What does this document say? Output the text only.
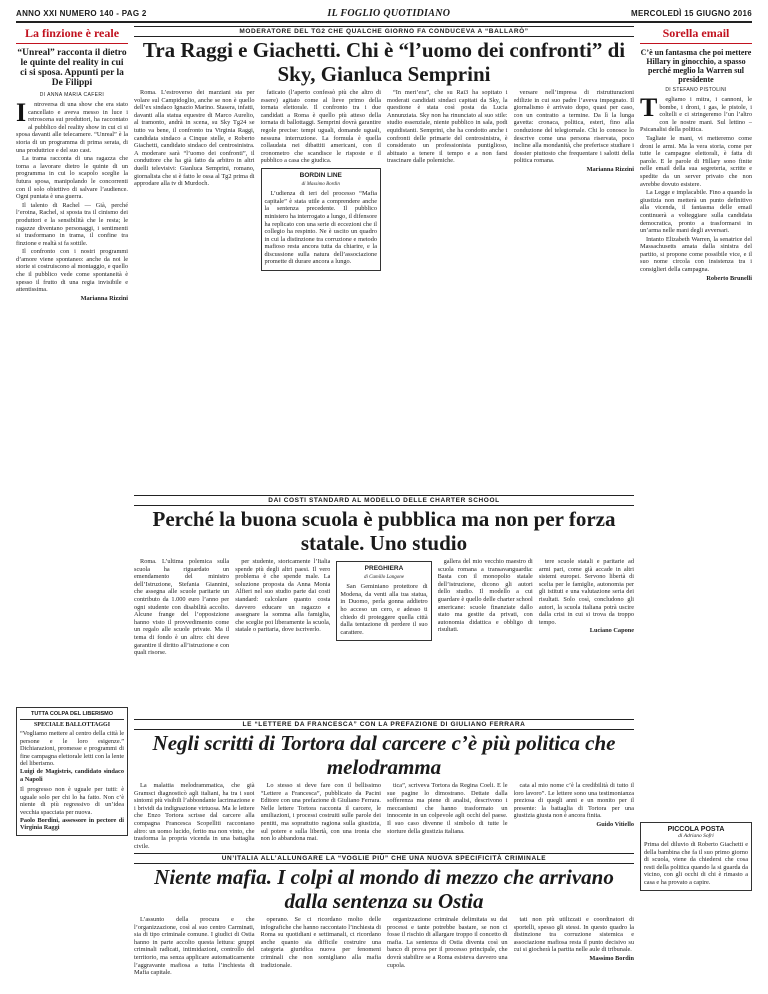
ANNO XXI NUMERO 140 - PAG 2	IL FOGLIO QUOTIDIANO	MERCOLEDÌ 15 GIUGNO 2016
La finzione è reale
“Unreal” racconta il dietro le quinte del reality in cui ci si sposa. Appunti per la De Filippi
DI ANNA MARIA CAFERI
I	ntroversa di una show che era stato cancellato e aveva messo in luce i retroscena sui produttori, ha raccontato al pubblico del reality show in cui ci si sposa davanti alle telecamere. “Unreal” è la storia di un programma di prima serata, di una produttrice e del suo cast.

La trama racconta di una ragazza che torna a lavorare dietro le quinte di un programma in cui lo scapolo sceglie la futura sposa, manipolando le concorrenti con il solo obiettivo di salvare l’audience. Ogni puntata è una guerra.

Il talento di Rachel — Già, perché l’eroina, Rachel, si sposta tra il cinismo dei produttori e la sensibilità che le resta; le ragazze diventano personaggi, i sentimenti si trasformano in trama, il confine tra finzione e realtà si fa sottile.

Il confronto con i nostri programmi d’amore viene spontaneo: anche da noi le storie si costruiscono al montaggio, e quello che il pubblico vede come spontaneità è spesso il frutto di una regia invisibile e attentissima.

Marianna Rizzini
TUTTA COLPA DEL LIBERISMO
SPECIALE BALLOTTAGGI
“Vogliamo mettere al centro della città le persone e le loro esigenze.” Dichiarazioni, promesse e programmi di fine campagna elettorale letti con la lente del liberismo.
Luigi de Magistris, candidato sindaco a Napoli
Il progresso non è uguale per tutti: è uguale solo per chi lo ha fatto. Non c’è niente di più regressivo di un’idea vecchia spacciata per nuova.
Paolo Bordini, assessore in pectore di Virginia Raggi
Sorella email
C’è un fantasma che poi mettere Hillary in ginocchio, a spasso perché meglio la Warren sul presidente
DI STEFANO PISTOLINI
T	egliamo i mitra, i cannoni, le bombe, i droni, i gas, le pistole, i coltelli e ci stringeremo l’un l’altro con le nostre mani. Sul lettino – Psicanalisi della politica.

Tagliate le mani, vi metteremo come droni le armi. Ma la vera storia, come per tutte le campagne elettorali, è fatta di parole. E le parole di Hillary sono finite nelle email della sua segreteria, scritte e spedite da un server privato che non avrebbe dovuto esistere.

La Legge e implacabile. Fino a quando la giustizia non metterà un punto definitivo alla vicenda, il fantasma delle email continuerà a volteggiare sulla candidata democratica, pronto a trasformarsi in un’arma nelle mani degli avversari.

Intanto Elizabeth Warren, la senatrice del Massachusetts amata dalla sinistra del partito, si propone come possibile vice, e il suo nome circola con insistenza tra i consiglieri della campagna.

Roberto Brunelli
PICCOLA POSTA
di Adriano Sofri
Prima del diluvio di Roberto Giachetti e della bambina che fa il suo primo giorno di scuola, viene da chiedersi che cosa resti della politica quando la si guarda da vicino, con gli occhi di chi è rimasto a casa e ha provato a capire.
MODERATORE DEL TG2 CHE QUALCHE GIORNO FA CONDUCEVA A “BALLARÒ”
Tra Raggi e Giachetti. Chi è “l’uomo dei confronti” di Sky, Gianluca Semprini

Roma. L’estroverso dei marziani sta per volare sul Campidoglio, anche se non è quello dell’ex sindaco Ignazio Marino. Stasera, infatti, davanti alla statua equestre di Marco Aurelio, al tramonto, andrà in scena, su Sky Tg24 se tutto va bene, il confronto tra Virginia Raggi, candidata sindaco a Cinque stelle, e Roberto Giachetti, candidato sindaco del centrosinistra. A moderare sarà “l’uomo dei confronti”, il conduttore che ha già fatto da arbitro in altri duelli televisivi: Gianluca Semprini, romano, giornalista che si è fatto le ossa al Tg2 prima di approdare alla tv di Murdoch.

faticato (l’aperto confessò più che altro di essere) agitato come al lieve primo della tornata elettorale. Il confronto tra i due candidati a Roma è quello più atteso della tornata di ballottaggi. Semprini dovrà garantire regole precise: tempi uguali, domande uguali, nessuna interruzione. La formula è quella collaudata nei dibattiti americani, con il cronometro che scandisce le risposte e il pubblico a casa che giudica.

BORDIN LINE
di Massimo Bordin

L’udienza di ieri del processo “Mafia capitale” è stata utile a comprendere anche la sentenza precedente. Il pubblico ministero ha interrogato a lungo, il difensore ha replicato con una serie di eccezioni che il collegio ha respinto. Ne è uscito un quadro in cui la distinzione tra corruzione e metodo mafioso resta ancora tutta da chiarire, e la discussione sulla natura dell’associazione promette di durare ancora a lungo.

“In meri’era”, che su Rai3 ha sopitato i moderati candidati sindaci capitati da Sky, la questione è stata così posta da Lucia Annunziata. Sky non ha rinunciato al suo stile: studio essenziale, niente pubblico in sala, podi equidistanti. Semprini, che ha condotto anche i confronti delle primarie del centrosinistra, è considerato un professionista puntiglioso, abituato a tenere il tempo e a non farsi trascinare dalle polemiche.

versare nell’impresa di ristrutturazioni edilizie in cui suo padre l’aveva impegnato. Il giornalismo è arrivato dopo, quasi per caso, con un contratto a termine. Da lì la lunga gavetta: cronaca, politica, esteri, fino alla conduzione del telegiornale. Chi lo conosce lo descrive come una persona riservata, poco incline alla mondanità, che preferisce studiare i dossier piuttosto che frequentare i salotti della politica romana.

Marianna Rizzini
DAI COSTI STANDARD AL MODELLO DELLE CHARTER SCHOOL
Perché la buona scuola è pubblica ma non per forza statale. Uno studio

Roma. L’ultima polemica sulla scuola ha riguardato un emendamento del ministro dell’Istruzione, Stefania Giannini, che assegna alle scuole paritarie un contributo da 1.000 euro l’anno per ogni studente con disabilità accolto. Alcune frange del l’opposizione hanno visto il provvedimento come un regalo alle scuole private. Ma il tema di fondo è un altro: chi deve garantire il diritto all’istruzione e con quali risorse.

per studente, storicamente l’Italia spende più degli altri paesi. Il vero problema è che spende male. La soluzione proposta da Anna Monia Alfieri nel suo studio parte dai costi standard: calcolare quanto costa davvero educare un ragazzo e assegnare la somma alla famiglia, che sceglie poi liberamente la scuola, statale o paritaria, dove iscriverlo.

PREGHIERA
di Camillo Langone

San Geminiano protettore di Modena, da venti alla tua statua, in Duomo, perla gonna addietro ho acceso un cero, e adesso ti chiedo di proteggere quella città dalla tentazione di perdere il suo carattere.

gallera del mio vecchio maestro di scuola romana a transavanguardia: Basta con il monopolio statale dell’istruzione, dicono gli autori dello studio. Il modello a cui guardare è quello delle charter school americane: scuole finanziate dallo stato ma gestite da privati, con autonomia didattica e obbligo di risultati.

tere scuole statali e paritarie ad armi pari, come già accade in altri sistemi europei. Servono libertà di scelta per le famiglie, autonomia per gli istituti e una valutazione seria dei risultati. Solo così, concludono gli autori, la scuola italiana potrà uscire dalla crisi in cui si trova da troppo tempo.

Luciano Capone
LE “LETTERE DA FRANCESCA” CON LA PREFAZIONE DI GIULIANO FERRARA
Negli scritti di Tortora dal carcere c’è più politica che melodramma

La malattia melodrammatica, che già Gramsci diagnosticò agli italiani, ha tra i suoi sintomi più visibili l’abbondante lacrimazione e i brividi da indignazione virtuosa. Ma le lettere che Enzo Tortora scrisse dal carcere alla compagna Francesca Scopelliti raccontano altro: un uomo lucido, ferito ma non vinto, che trasforma la propria vicenda in una battaglia civile.

Lo stesso si deve fare con il bellissimo “Lettere a Francesca”, pubblicato da Pacini Editore con una prefazione di Giuliano Ferrara. Nelle lettere Tortora racconta il carcere, le umiliazioni, i processi costruiti sulle parole dei pentiti, ma soprattutto ragiona sulla giustizia, sul potere e sulla libertà, con una ironia che non lo abbandona mai.

tica”, scriveva Tortora da Regina Coeli. E le sue pagine lo dimostrano. Dettate dalla sofferenza ma piene di analisi, descrivono i meccanismi che hanno trasformato un innocente in un colpevole agli occhi del paese. Il suo caso divenne il simbolo di tutte le storture della giustizia italiana.

cata al mio nome c’è la credibilità di tutto il loro lavoro”. Le lettere sono una testimonianza preziosa di quegli anni e un monito per il presente: la battaglia di Tortora per una giustizia giusta non è ancora finita.

Guido Vitiello
UN’ITALIA ALL’ALLUNGARE LA “VOGLIE PIÙ” CHE UNA NUOVA SPECIFICITÀ CRIMINALE
Niente mafia. I colpi al mondo di mezzo che arrivano dalla sentenza su Ostia

L’assunto della procura e che l’organizzazione, così al suo centro Carminati, sia di tipo criminale comune. I giudici di Ostia hanno in parte accolto questa lettura: gruppi criminali radicati, intimidazioni, controllo del territorio, ma senza applicare automaticamente l’aggravante mafiosa a tutta l’inchiesta di Mafia capitale.

operano. Se ci ricordano molto delle infografiche che hanno raccontato l’inchiesta di Roma su quotidiani e settimanali, ci ricordano anche quanto sia difficile costruire una categoria giuridica nuova per fenomeni criminali che non somigliano alla mafia tradizionale.

organizzazione criminale delimitata su dai processi e tante potrebbe bastare, se non ci fosse il rischio di allargare troppo il concetto di mafia. La sentenza di Ostia diventa così un banco di prova per il processo principale, che dovrà stabilire se a Roma esisteva davvero una cupola.

tati non più utilizzati e coordinatori di sportelli, spesso gli stessi. In questo quadro la distinzione tra corruzione sistemica e associazione mafiosa resta il punto decisivo su cui si giocherà la partita nelle aule di tribunale.

Massimo Bordin
